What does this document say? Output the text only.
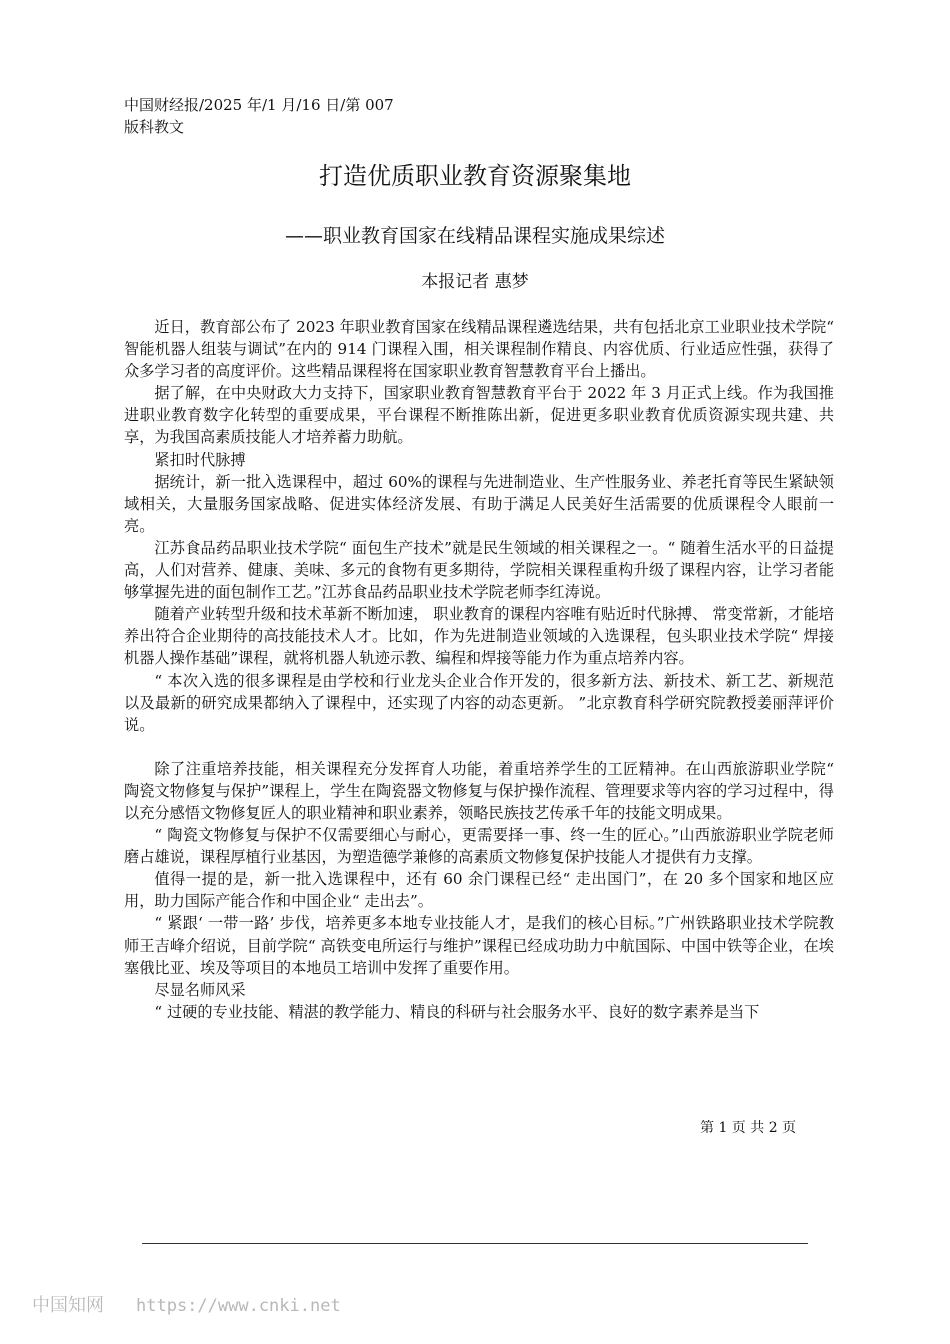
中国财经报/2025 年/1 月/16 日/第 007
版科教文
打造优质职业教育资源聚集地
——职业教育国家在线精品课程实施成果综述
本报记者 惠梦

近日，教育部公布了 2023 年职业教育国家在线精品课程遴选结果，共有包括北京工业职业技术学院“ 智能机器人组装与调试”在内的 914 门课程入围，相关课程制作精良、内容优质、行业适应性强，获得了众多学习者的高度评价。这些精品课程将在国家职业教育智慧教育平台上播出。

据了解，在中央财政大力支持下，国家职业教育智慧教育平台于 2022 年 3 月正式上线。作为我国推进职业教育数字化转型的重要成果，平台课程不断推陈出新，促进更多职业教育优质资源实现共建、共享，为我国高素质技能人才培养蓄力助航。

紧扣时代脉搏

据统计，新一批入选课程中，超过 60%的课程与先进制造业、生产性服务业、养老托育等民生紧缺领域相关，大量服务国家战略、促进实体经济发展、有助于满足人民美好生活需要的优质课程令人眼前一亮。

江苏食品药品职业技术学院“ 面包生产技术”就是民生领域的相关课程之一。“ 随着生活水平的日益提高，人们对营养、健康、美味、多元的食物有更多期待，学院相关课程重构升级了课程内容，让学习者能够掌握先进的面包制作工艺。”江苏食品药品职业技术学院老师李红涛说。

随着产业转型升级和技术革新不断加速， 职业教育的课程内容唯有贴近时代脉搏、 常变常新，才能培养出符合企业期待的高技能技术人才。比如，作为先进制造业领域的入选课程，包头职业技术学院“ 焊接机器人操作基础”课程，就将机器人轨迹示教、编程和焊接等能力作为重点培养内容。

“ 本次入选的很多课程是由学校和行业龙头企业合作开发的，很多新方法、新技术、新工艺、新规范以及最新的研究成果都纳入了课程中，还实现了内容的动态更新。 ”北京教育科学研究院教授姜丽萍评价说。

除了注重培养技能，相关课程充分发挥育人功能，着重培养学生的工匠精神。在山西旅游职业学院“ 陶瓷文物修复与保护”课程上，学生在陶瓷器文物修复与保护操作流程、管理要求等内容的学习过程中，得以充分感悟文物修复匠人的职业精神和职业素养，领略民族技艺传承千年的技能文明成果。

“ 陶瓷文物修复与保护不仅需要细心与耐心，更需要择一事、终一生的匠心。”山西旅游职业学院老师磨占雄说，课程厚植行业基因，为塑造德学兼修的高素质文物修复保护技能人才提供有力支撑。

值得一提的是，新一批入选课程中，还有 60 余门课程已经“ 走出国门”，在 20 多个国家和地区应用，助力国际产能合作和中国企业“ 走出去”。

“ 紧跟‘ 一带一路’ 步伐，培养更多本地专业技能人才，是我们的核心目标。”广州铁路职业技术学院教师王吉峰介绍说，目前学院“ 高铁变电所运行与维护”课程已经成功助力中航国际、中国中铁等企业，在埃塞俄比亚、埃及等项目的本地员工培训中发挥了重要作用。

尽显名师风采

“ 过硬的专业技能、精湛的教学能力、精良的科研与社会服务水平、良好的数字素养是当下

第 1 页 共 2 页
中国知网 https://www.cnki.net
